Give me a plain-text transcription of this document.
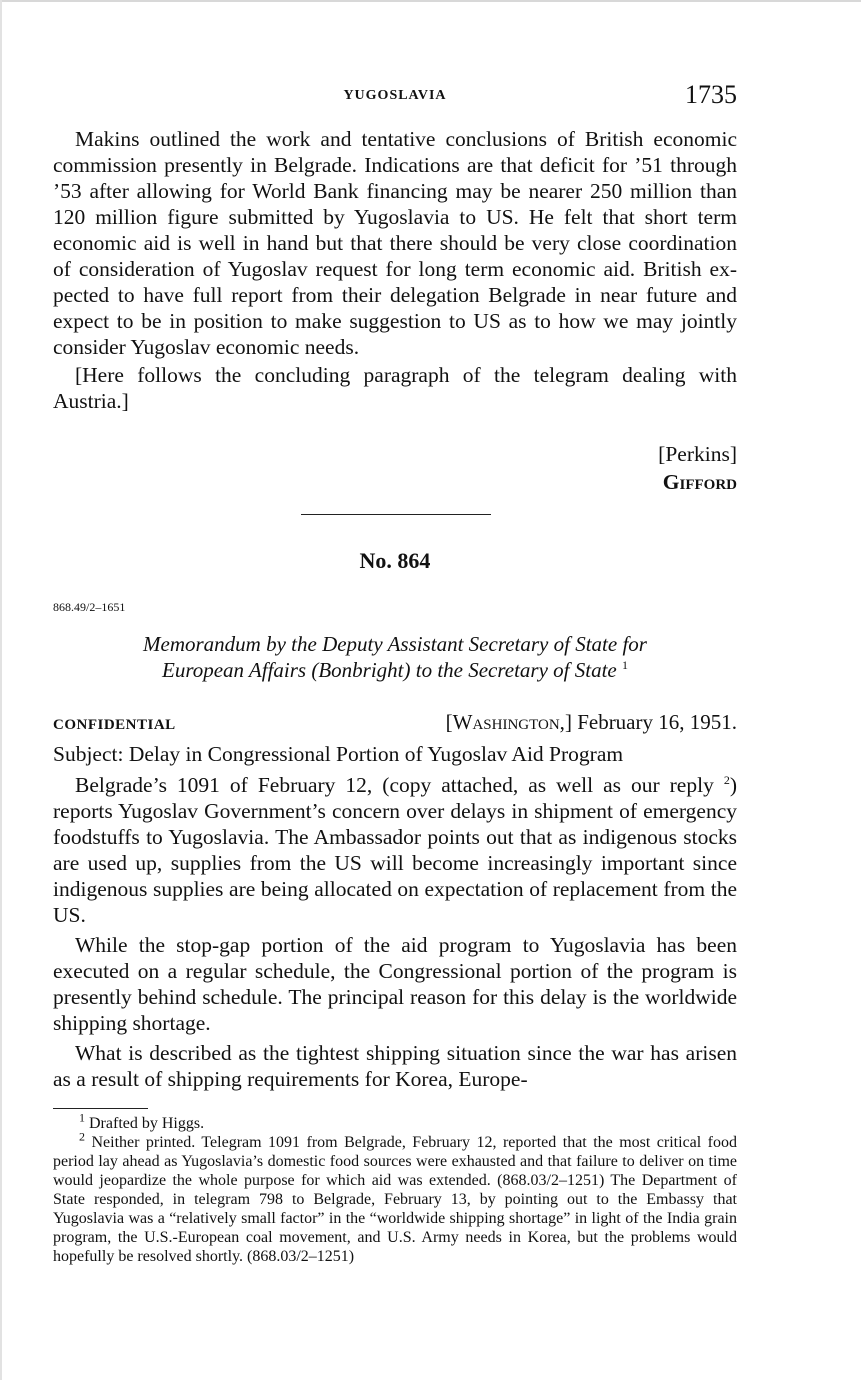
YUGOSLAVIA	1735

Makins outlined the work and tentative conclusions of British economic commission presently in Belgrade. Indications are that deficit for ’51 through ’53 after allowing for World Bank financing may be nearer 250 million than 120 million figure submitted by Yugoslavia to US. He felt that short term economic aid is well in hand but that there should be very close coordination of consideration of Yugoslav request for long term economic aid. British expected to have full report from their delegation Belgrade in near future and expect to be in position to make suggestion to US as to how we may jointly consider Yugoslav economic needs.

[Here follows the concluding paragraph of the telegram dealing with Austria.]

[Perkins]
Gifford
No. 864
868.49/2–1651
Memorandum by the Deputy Assistant Secretary of State for
European Affairs (Bonbright) to the Secretary of State $^1$
CONFIDENTIAL	[Washington,] February 16, 1951.
Subject: Delay in Congressional Portion of Yugoslav Aid Program

Belgrade’s 1091 of February 12, (copy attached, as well as our reply $^2$) reports Yugoslav Government’s concern over delays in shipment of emergency foodstuffs to Yugoslavia. The Ambassador points out that as indigenous stocks are used up, supplies from the US will become increasingly important since indigenous supplies are being allocated on expectation of replacement from the US.

While the stop-gap portion of the aid program to Yugoslavia has been executed on a regular schedule, the Congressional portion of the program is presently behind schedule. The principal reason for this delay is the worldwide shipping shortage.

What is described as the tightest shipping situation since the war has arisen as a result of shipping requirements for Korea, Europe-

$^1$ Drafted by Higgs.

$^2$ Neither printed. Telegram 1091 from Belgrade, February 12, reported that the most critical food period lay ahead as Yugoslavia’s domestic food sources were exhausted and that failure to deliver on time would jeopardize the whole purpose for which aid was extended. (868.03/2–1251) The Department of State responded, in telegram 798 to Belgrade, February 13, by pointing out to the Embassy that Yugoslavia was a “relatively small factor” in the “worldwide shipping shortage” in light of the India grain program, the U.S.-European coal movement, and U.S. Army needs in Korea, but the problems would hopefully be resolved shortly. (868.03/2–1251)
